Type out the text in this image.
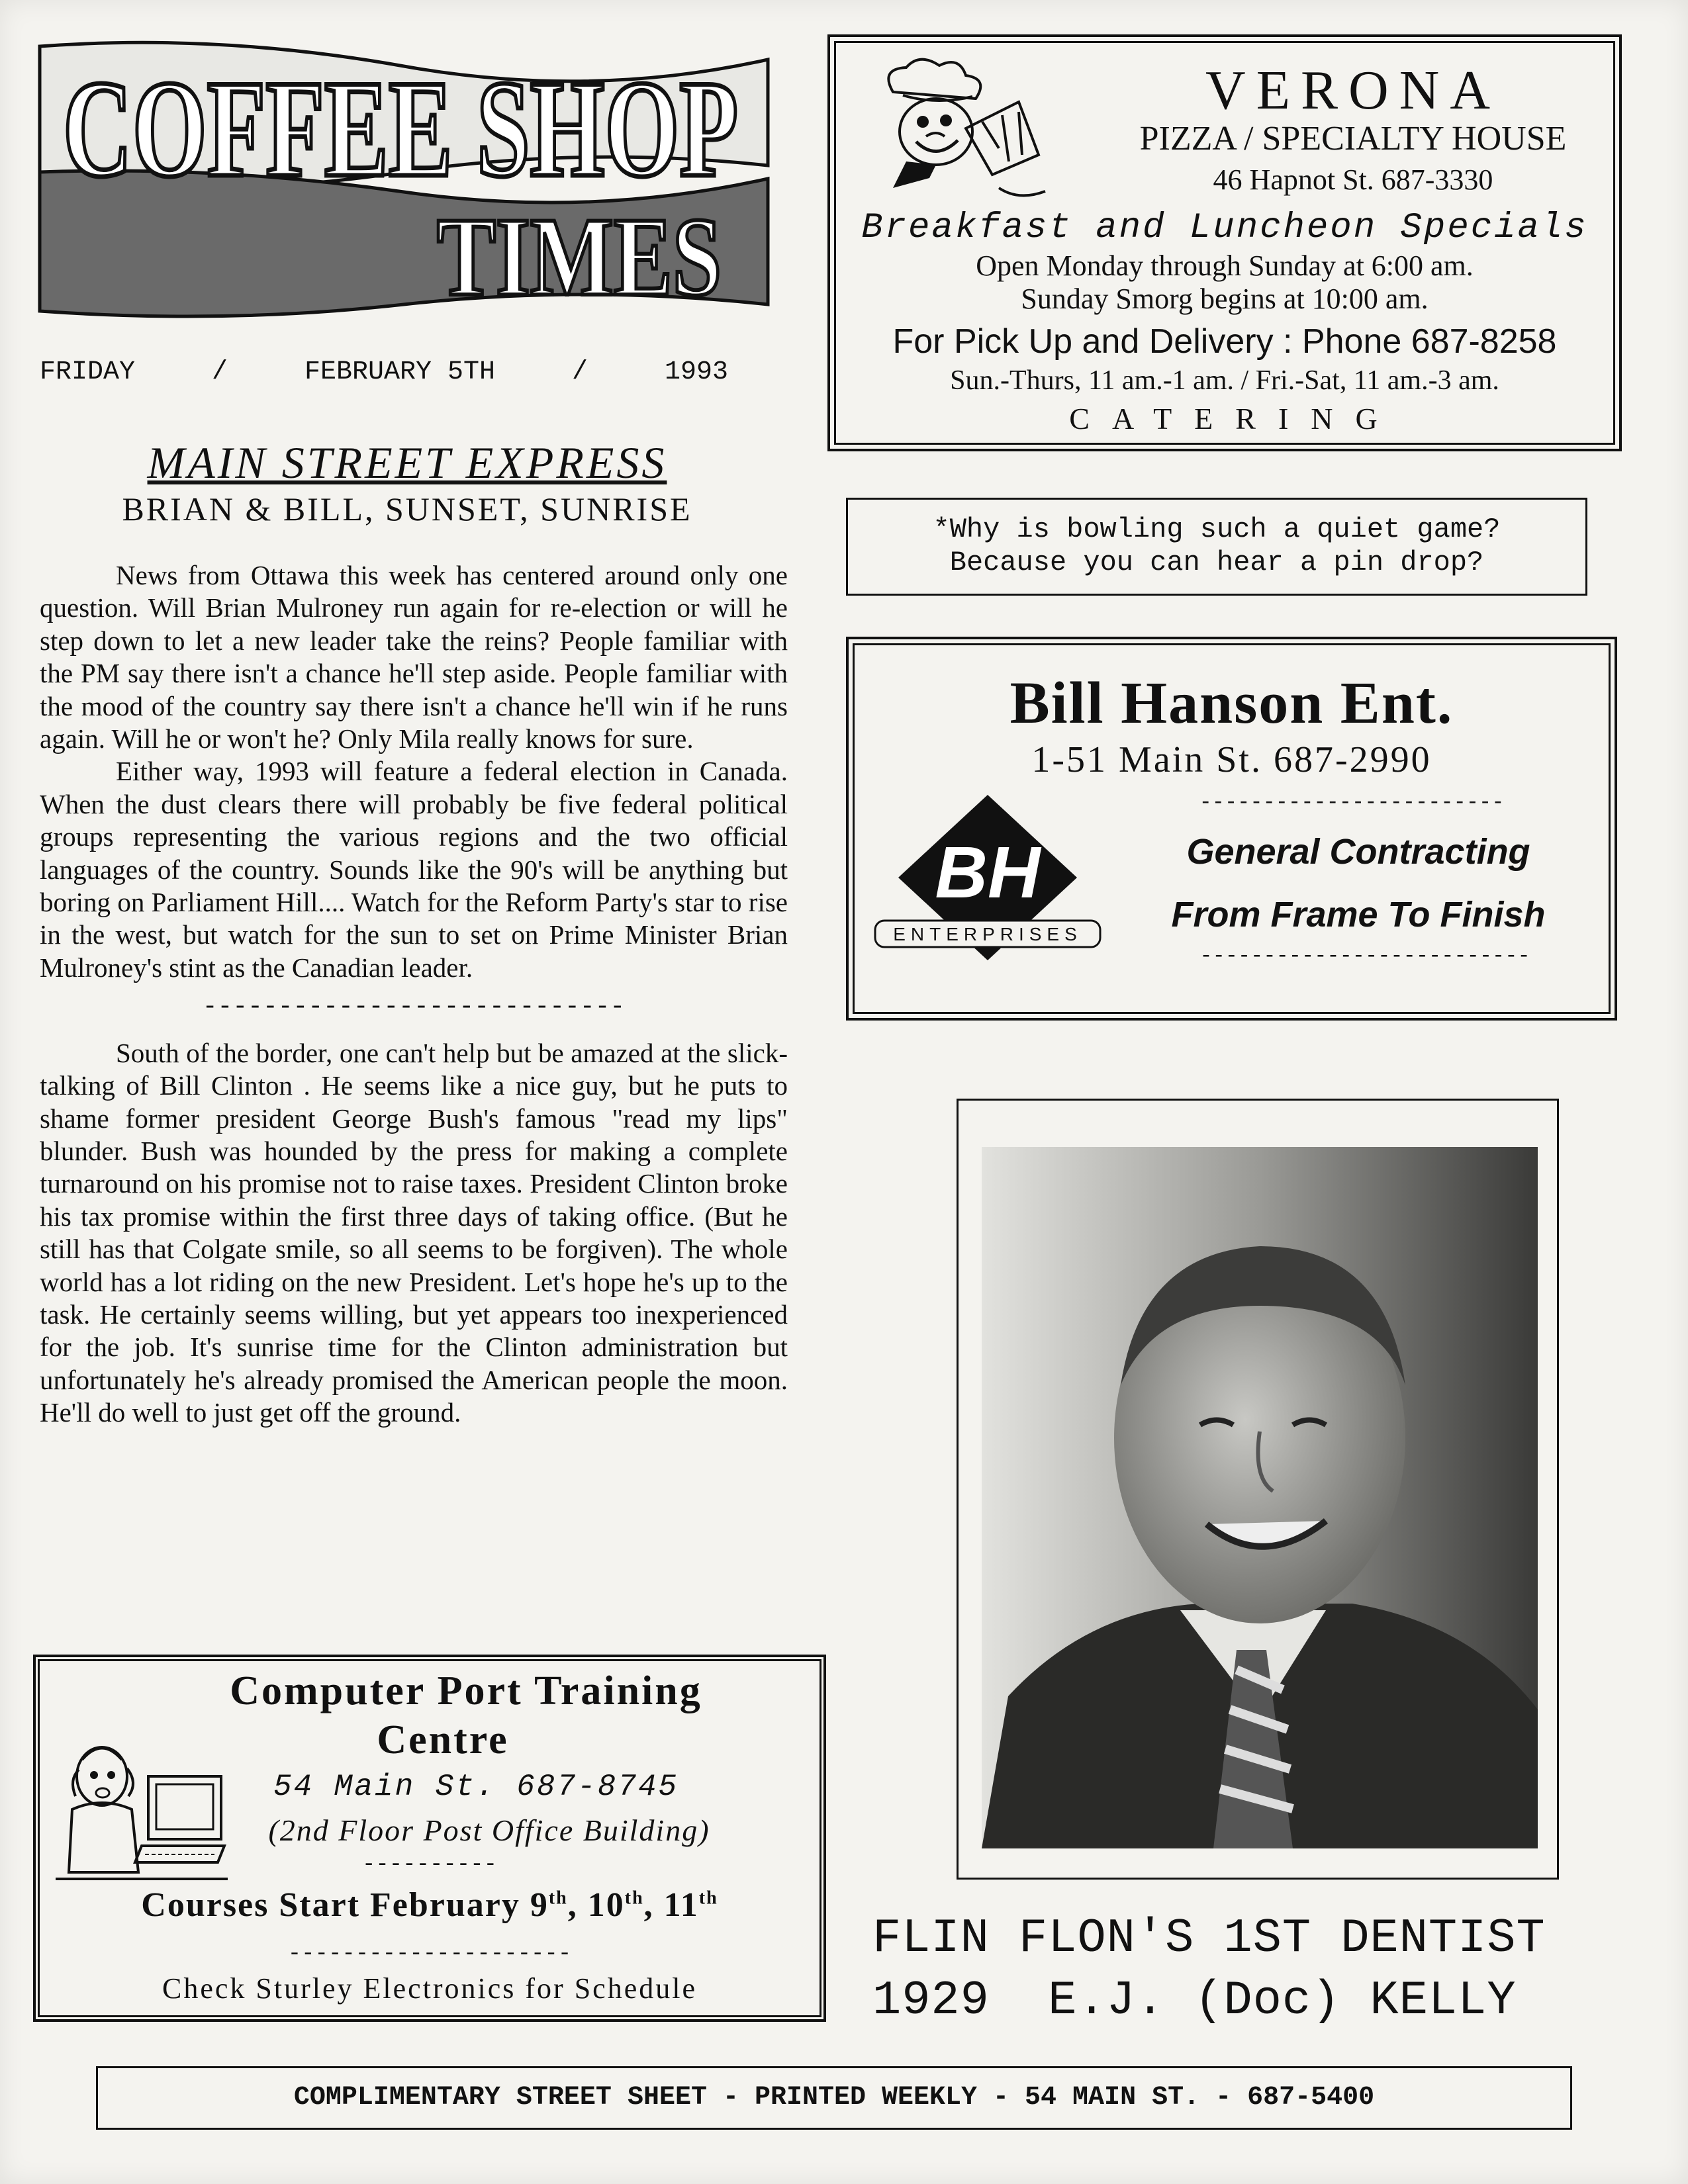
COFFEE SHOP
TIMES
FRIDAY	/	FEBRUARY 5TH	/	1993
MAIN STREET EXPRESS
BRIAN & BILL, SUNSET, SUNRISE

News from Ottawa this week has centered around only one question. Will Brian Mulroney run again for re-election or will he step down to let a new leader take the reins? People familiar with the PM say there isn't a chance he'll step aside. People familiar with the mood of the country say there isn't a chance he'll win if he runs again. Will he or won't he? Only Mila really knows for sure.

Either way, 1993 will feature a federal election in Canada. When the dust clears there will probably be five federal political groups representing the various regions and the two official languages of the country. Sounds like the 90's will be anything but boring on Parliament Hill.... Watch for the Reform Party's star to rise in the west, but watch for the sun to set on Prime Minister Brian Mulroney's stint as the Canadian leader.

----------------------------

South of the border, one can't help but be amazed at the slick-talking of Bill Clinton . He seems like a nice guy, but he puts to shame former president George Bush's famous "read my lips" blunder. Bush was hounded by the press for making a complete turnaround on his promise not to raise taxes. President Clinton broke his tax promise within the first three days of taking office. (But he still has that Colgate smile, so all seems to be forgiven). The whole world has a lot riding on the new President. Let's hope he's up to the task. He certainly seems willing, but yet appears too inexperienced for the job. It's sunrise time for the Clinton administration but unfortunately he's already promised the American people the moon. He'll do well to just get off the ground.

Computer Port Training
Centre
54 Main St. 687-8745
(2nd Floor Post Office Building)
----------
Courses Start February 9th, 10th, 11th
---------------------
Check Sturley Electronics for Schedule
VERONA
PIZZA / SPECIALTY HOUSE
46 Hapnot St. 687-3330
Breakfast and Luncheon Specials
Open Monday through Sunday at 6:00 am.
Sunday Smorg begins at 10:00 am.
For Pick Up and Delivery : Phone 687-8258
Sun.-Thurs, 11 am.-1 am. / Fri.-Sat, 11 am.-3 am.
CATERING
*Why is bowling such a quiet game?
Because you can hear a pin drop?
Bill Hanson Ent.
1-51 Main St. 687-2990
------------------------
BH
ENTERPRISES
General Contracting
From Frame To Finish
--------------------------
FLIN FLON'S 1ST DENTIST
1929  E.J. (Doc) KELLY
COMPLIMENTARY STREET SHEET - PRINTED WEEKLY - 54 MAIN ST. - 687-5400
